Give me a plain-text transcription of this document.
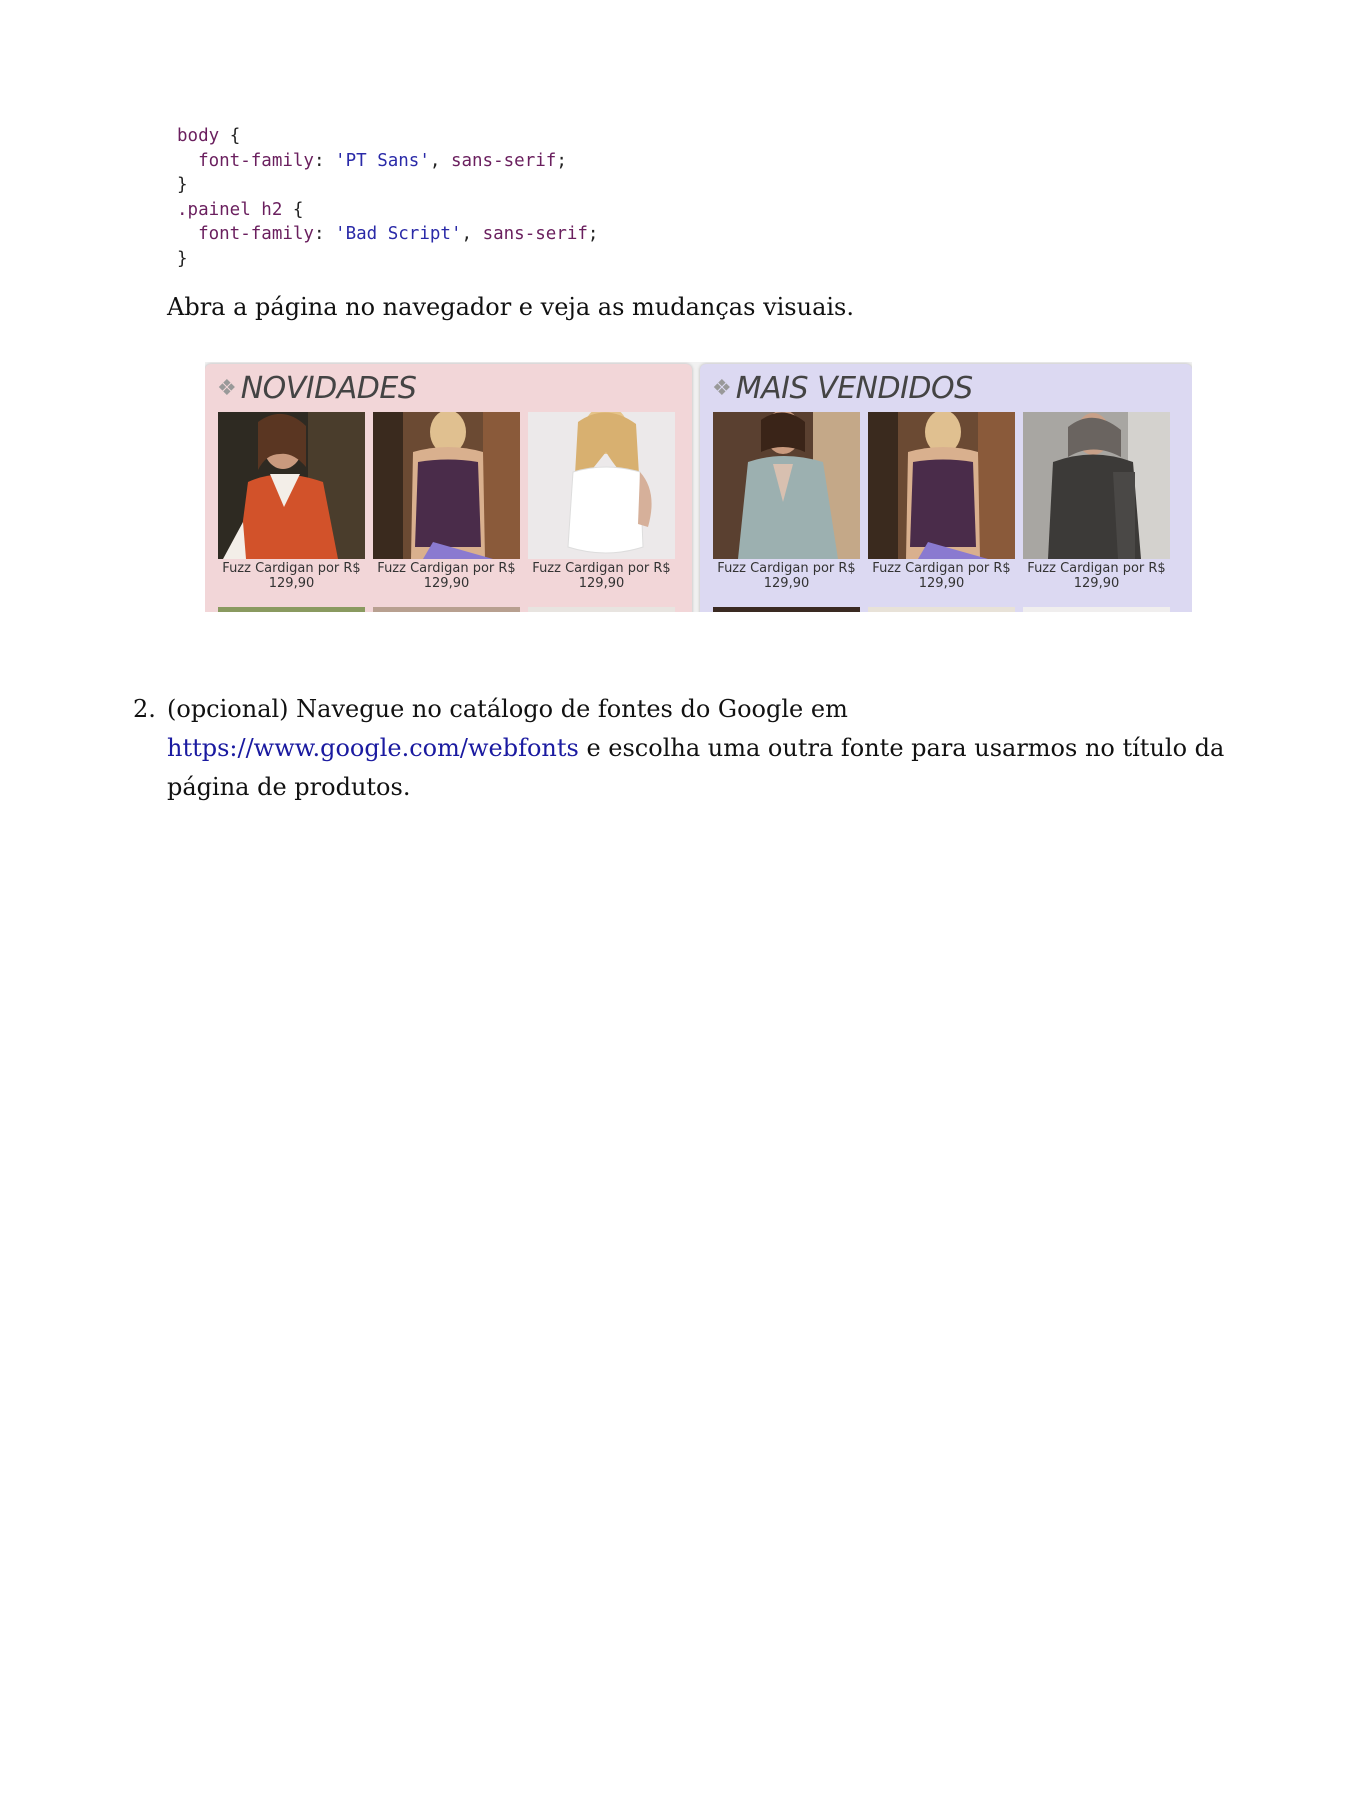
body {
font-family: 'PT Sans', sans-serif;
}
.painel h2 {
font-family: 'Bad Script', sans-serif;
}

Abra a página no navegador e veja as mudanças visuais.

❖ NOVIDADES
Fuzz Cardigan por R$
129,90
Fuzz Cardigan por R$
129,90
Fuzz Cardigan por R$
129,90
❖ MAIS VENDIDOS
Fuzz Cardigan por R$
129,90
Fuzz Cardigan por R$
129,90
Fuzz Cardigan por R$
129,90
2. (opcional) Navegue no catálogo de fontes do Google em https://www.google.com/webfonts e escolha uma outra fonte para usarmos no título da página de produtos.
